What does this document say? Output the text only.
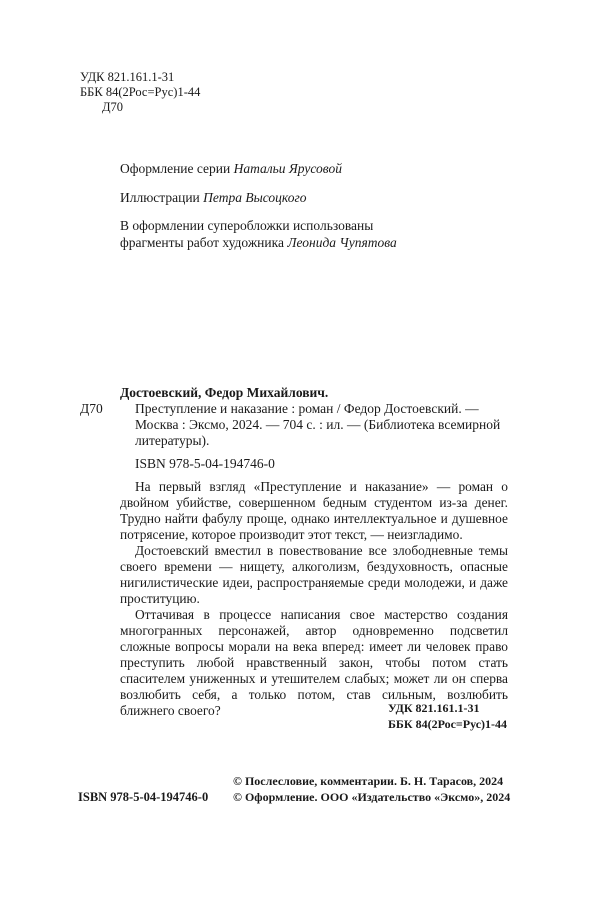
УДК 821.161.1-31
ББК 84(2Рос=Рус)1-44
Д70
Оформление серии Натальи Ярусовой
Иллюстрации Петра Высоцкого
В оформлении суперобложки использованы
фрагменты работ художника Леонида Чупятова
Достоевский, Федор Михайлович.
Д70 Преступление и наказание : роман / Федор Достоевский. —
Москва : Эксмо, 2024. — 704 с. : ил. — (Библиотека всемирной
литературы).
ISBN 978-5-04-194746-0

На первый взгляд «Преступление и наказание» — роман о двойном убийстве, совершенном бедным студентом из-за денег. Трудно найти фабулу проще, однако интеллектуальное и душевное потрясение, которое производит этот текст, — неизгладимо.

Достоевский вместил в повествование все злободневные темы своего времени — нищету, алкоголизм, бездуховность, опасные нигилистические идеи, распространяемые среди молодежи, и даже проституцию.

Оттачивая в процессе написания свое мастерство создания многогранных персонажей, автор одновременно подсветил сложные вопросы морали на века вперед: имеет ли человек право преступить любой нравственный закон, чтобы потом стать спасителем униженных и утешителем слабых; может ли он сперва возлюбить себя, а только потом, став сильным, возлюбить ближнего своего?	УДК 821.161.1-31
ББК 84(2Рос=Рус)1-44
ISBN 978-5-04-194746-0
© Послесловие, комментарии. Б. Н. Тарасов, 2024
© Оформление. ООО «Издательство «Эксмо», 2024
